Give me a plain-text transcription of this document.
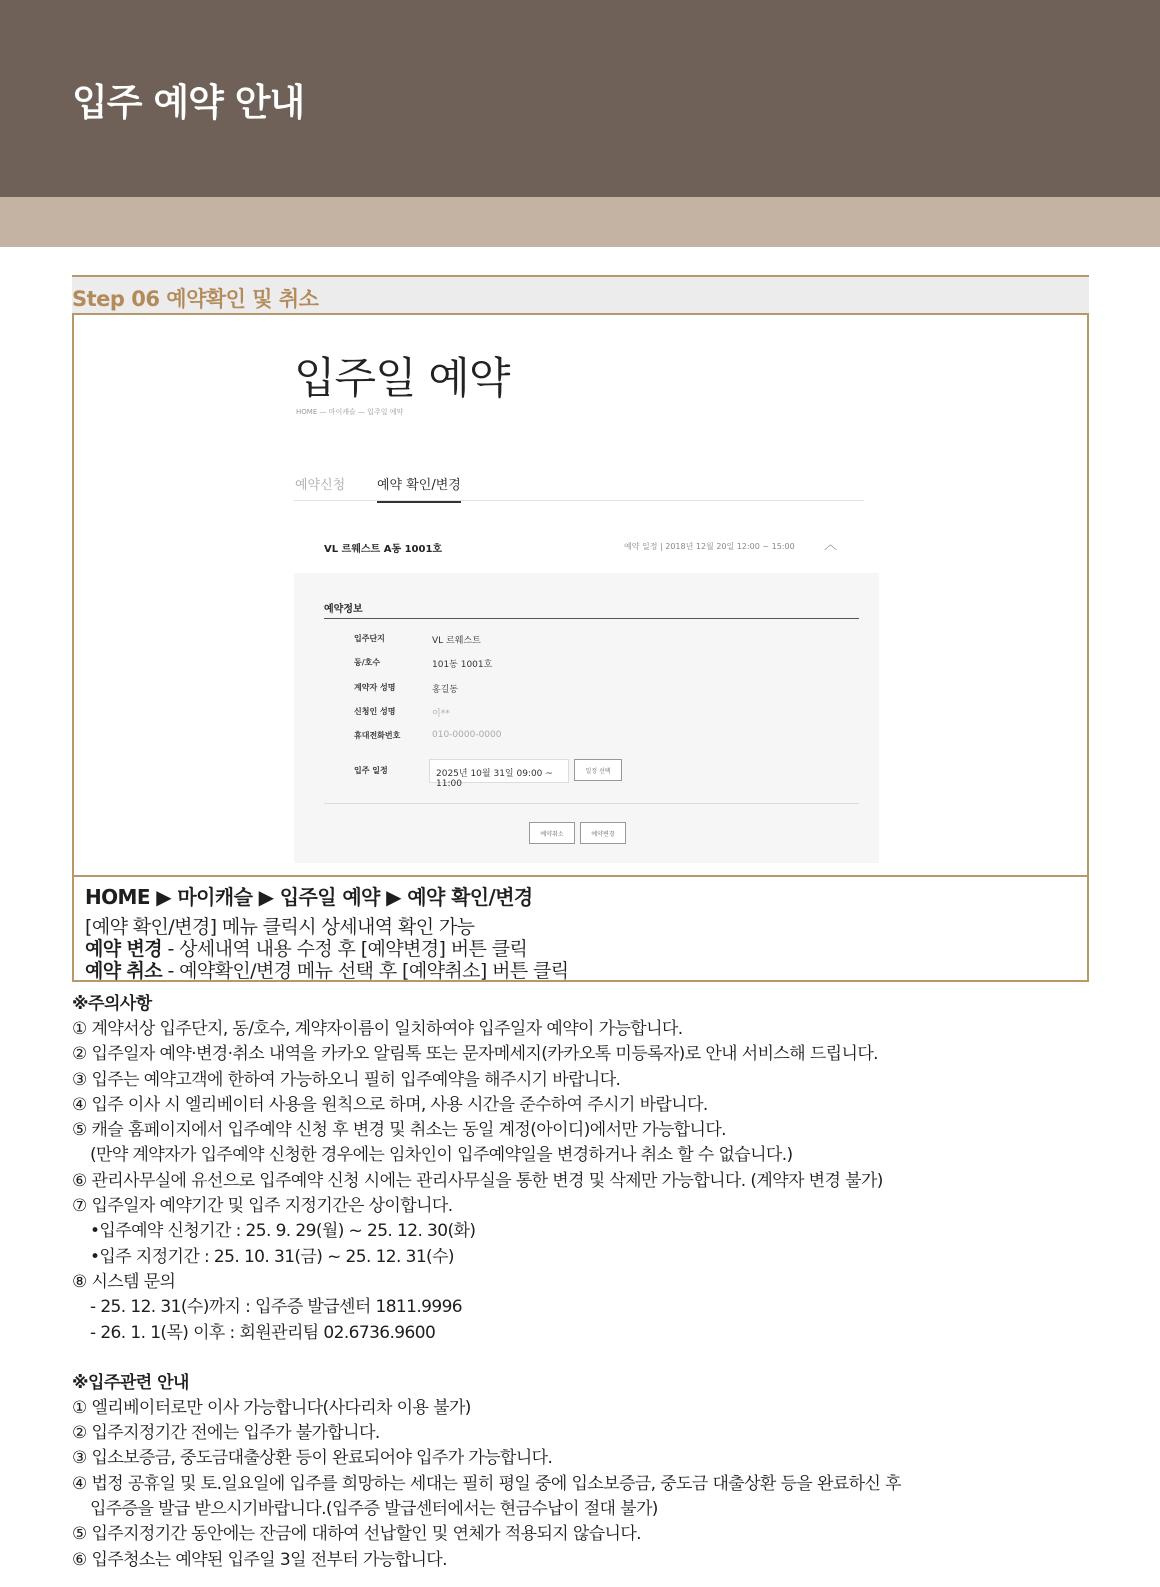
입주 예약 안내
Step 06 예약확인 및 취소
입주일 예약
HOME — 마이캐슬 — 입주일 예약
예약신청 예약 확인/변경
VL 르웨스트 A동 1001호	예약 일정 | 2018년 12월 20일 12:00 ~ 15:00 ︿
예약정보
입주단지	VL 르웨스트
동/호수	101동 1001호
계약자 성명	홍길동
신청인 성명	이**
휴대전화번호	010-0000-0000
입주 일정	2025년 10월 31일 09:00 ~ 11:00
일정 선택
예약취소	예약변경
HOME ▶ 마이캐슬 ▶ 입주일 예약 ▶ 예약 확인/변경
[예약 확인/변경] 메뉴 클릭시 상세내역 확인 가능
예약 변경 - 상세내역 내용 수정 후 [예약변경] 버튼 클릭
예약 취소 - 예약확인/변경 메뉴 선택 후 [예약취소] 버튼 클릭
※주의사항
① 계약서상 입주단지, 동/호수, 계약자이름이 일치하여야 입주일자 예약이 가능합니다.
② 입주일자 예약·변경·취소 내역을 카카오 알림톡 또는 문자메세지(카카오톡 미등록자)로 안내 서비스해 드립니다.
③ 입주는 예약고객에 한하여 가능하오니 필히 입주예약을 해주시기 바랍니다.
④ 입주 이사 시 엘리베이터 사용을 원칙으로 하며, 사용 시간을 준수하여 주시기 바랍니다.
⑤ 캐슬 홈페이지에서 입주예약 신청 후 변경 및 취소는 동일 계정(아이디)에서만 가능합니다.
(만약 계약자가 입주예약 신청한 경우에는 임차인이 입주예약일을 변경하거나 취소 할 수 없습니다.)
⑥ 관리사무실에 유선으로 입주예약 신청 시에는 관리사무실을 통한 변경 및 삭제만 가능합니다. (계약자 변경 불가)
⑦ 입주일자 예약기간 및 입주 지정기간은 상이합니다.
•입주예약 신청기간 : 25. 9. 29(월) ~ 25. 12. 30(화)
•입주 지정기간 : 25. 10. 31(금) ~ 25. 12. 31(수)
⑧ 시스템 문의
- 25. 12. 31(수)까지 : 입주증 발급센터 1811.9996
- 26. 1. 1(목) 이후 : 회원관리팀 02.6736.9600
※입주관련 안내
① 엘리베이터로만 이사 가능합니다(사다리차 이용 불가)
② 입주지정기간 전에는 입주가 불가합니다.
③ 입소보증금, 중도금대출상환 등이 완료되어야 입주가 가능합니다.
④ 법정 공휴일 및 토.일요일에 입주를 희망하는 세대는 필히 평일 중에 입소보증금, 중도금 대출상환 등을 완료하신 후
입주증을 발급 받으시기바랍니다.(입주증 발급센터에서는 현금수납이 절대 불가)
⑤ 입주지정기간 동안에는 잔금에 대하여 선납할인 및 연체가 적용되지 않습니다.
⑥ 입주청소는 예약된 입주일 3일 전부터 가능합니다.
